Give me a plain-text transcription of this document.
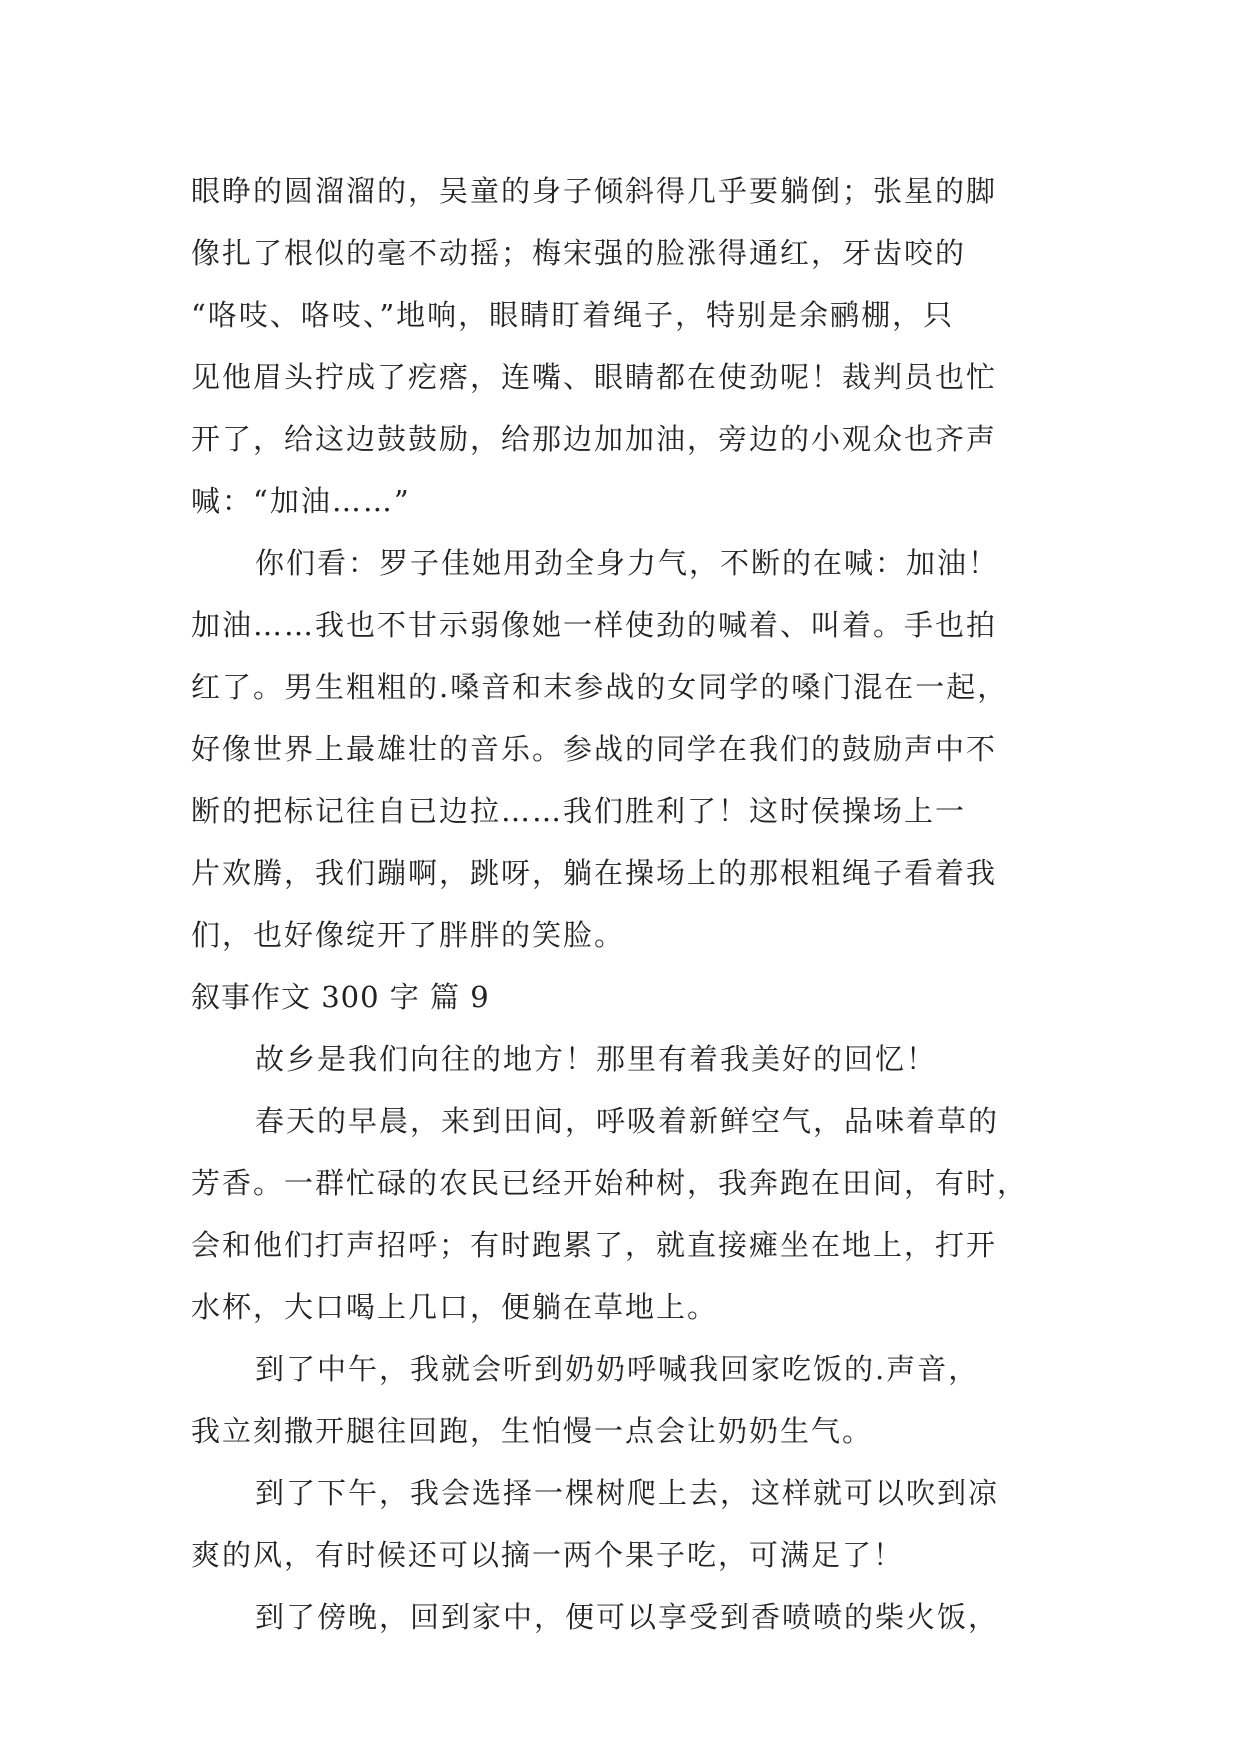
眼睁的圆溜溜的，吴童的身子倾斜得几乎要躺倒；张星的脚
像扎了根似的毫不动摇；梅宋强的脸涨得通红，牙齿咬的
“咯吱、咯吱、”地响，眼睛盯着绳子，特别是余鹂棚，只
见他眉头拧成了疙瘩，连嘴、眼睛都在使劲呢！裁判员也忙
开了，给这边鼓鼓励，给那边加加油，旁边的小观众也齐声
喊：“加油……”
你们看：罗子佳她用劲全身力气，不断的在喊：加油！
加油……我也不甘示弱像她一样使劲的喊着、叫着。手也拍
红了。男生粗粗的.嗓音和末参战的女同学的嗓门混在一起，
好像世界上最雄壮的音乐。参战的同学在我们的鼓励声中不
断的把标记往自已边拉……我们胜利了！这时侯操场上一
片欢腾，我们蹦啊，跳呀，躺在操场上的那根粗绳子看着我
们，也好像绽开了胖胖的笑脸。
叙事作文 300 字 篇 9
故乡是我们向往的地方！那里有着我美好的回忆！
春天的早晨，来到田间，呼吸着新鲜空气，品味着草的
芳香。一群忙碌的农民已经开始种树，我奔跑在田间，有时，
会和他们打声招呼；有时跑累了，就直接瘫坐在地上，打开
水杯，大口喝上几口，便躺在草地上。
到了中午，我就会听到奶奶呼喊我回家吃饭的.声音，
我立刻撒开腿往回跑，生怕慢一点会让奶奶生气。
到了下午，我会选择一棵树爬上去，这样就可以吹到凉
爽的风，有时候还可以摘一两个果子吃，可满足了！
到了傍晚，回到家中，便可以享受到香喷喷的柴火饭，
